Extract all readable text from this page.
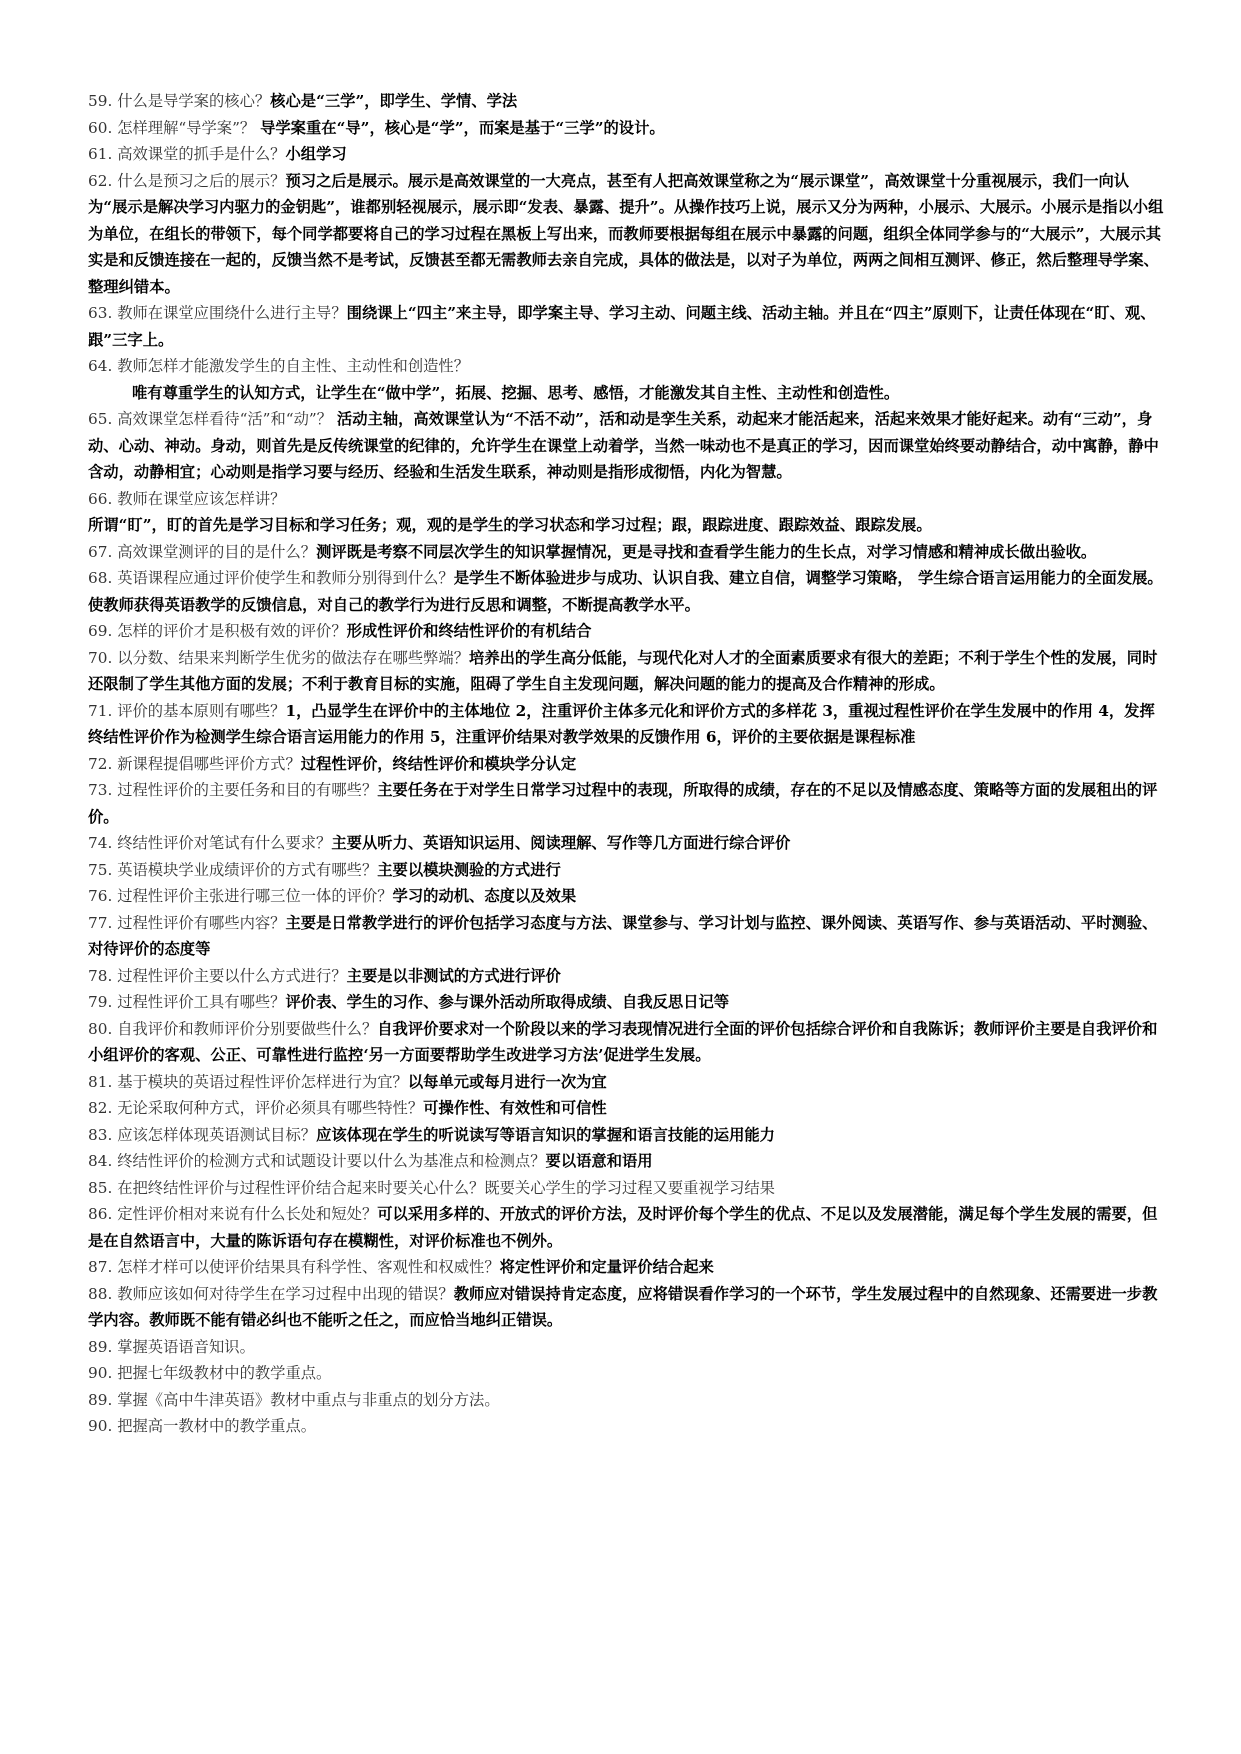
59. 什么是导学案的核心？核心是“三学”，即学生、学情、学法

60. 怎样理解“导学案”？ 导学案重在“导”，核心是“学”，而案是基于“三学”的设计。

61. 高效课堂的抓手是什么？小组学习

62. 什么是预习之后的展示？预习之后是展示。展示是高效课堂的一大亮点，甚至有人把高效课堂称之为“展示课堂”，高效课堂十分重视展示，我们一向认为“展示是解决学习内驱力的金钥匙”，谁都别轻视展示，展示即“发表、暴露、提升”。从操作技巧上说，展示又分为两种，小展示、大展示。小展示是指以小组为单位，在组长的带领下，每个同学都要将自己的学习过程在黑板上写出来，而教师要根据每组在展示中暴露的问题，组织全体同学参与的“大展示”，大展示其实是和反馈连接在一起的，反馈当然不是考试，反馈甚至都无需教师去亲自完成，具体的做法是，以对子为单位，两两之间相互测评、修正，然后整理导学案、整理纠错本。

63. 教师在课堂应围绕什么进行主导？围绕课上“四主”来主导，即学案主导、学习主动、问题主线、活动主轴。并且在“四主”原则下，让责任体现在“盯、观、跟”三字上。

64. 教师怎样才能激发学生的自主性、主动性和创造性？

唯有尊重学生的认知方式，让学生在“做中学”，拓展、挖掘、思考、感悟，才能激发其自主性、主动性和创造性。

65. 高效课堂怎样看待“活”和“动”？ 活动主轴，高效课堂认为“不活不动”，活和动是孪生关系，动起来才能活起来，活起来效果才能好起来。动有“三动”，身动、心动、神动。身动，则首先是反传统课堂的纪律的，允许学生在课堂上动着学，当然一味动也不是真正的学习，因而课堂始终要动静结合，动中寓静，静中含动，动静相宜；心动则是指学习要与经历、经验和生活发生联系，神动则是指形成彻悟，内化为智慧。

66. 教师在课堂应该怎样讲？

所谓“盯”，盯的首先是学习目标和学习任务；观，观的是学生的学习状态和学习过程；跟，跟踪进度、跟踪效益、跟踪发展。

67. 高效课堂测评的目的是什么？测评既是考察不同层次学生的知识掌握情况，更是寻找和查看学生能力的生长点，对学习情感和精神成长做出验收。

68. 英语课程应通过评价使学生和教师分别得到什么？是学生不断体验进步与成功、认识自我、建立自信，调整学习策略， 学生综合语言运用能力的全面发展。使教师获得英语教学的反馈信息，对自己的教学行为进行反思和调整，不断提高教学水平。

69. 怎样的评价才是积极有效的评价？形成性评价和终结性评价的有机结合

70. 以分数、结果来判断学生优劣的做法存在哪些弊端？培养出的学生高分低能，与现代化对人才的全面素质要求有很大的差距；不利于学生个性的发展，同时还限制了学生其他方面的发展；不利于教育目标的实施，阻碍了学生自主发现问题，解决问题的能力的提高及合作精神的形成。

71. 评价的基本原则有哪些？1，凸显学生在评价中的主体地位 2，注重评价主体多元化和评价方式的多样花 3，重视过程性评价在学生发展中的作用 4，发挥终结性评价作为检测学生综合语言运用能力的作用 5，注重评价结果对教学效果的反馈作用 6，评价的主要依据是课程标准

72. 新课程提倡哪些评价方式？过程性评价，终结性评价和模块学分认定

73. 过程性评价的主要任务和目的有哪些？主要任务在于对学生日常学习过程中的表现，所取得的成绩，存在的不足以及情感态度、策略等方面的发展租出的评价。

74. 终结性评价对笔试有什么要求？主要从听力、英语知识运用、阅读理解、写作等几方面进行综合评价

75. 英语模块学业成绩评价的方式有哪些？主要以模块测验的方式进行

76. 过程性评价主张进行哪三位一体的评价？学习的动机、态度以及效果

77. 过程性评价有哪些内容？主要是日常教学进行的评价包括学习态度与方法、课堂参与、学习计划与监控、课外阅读、英语写作、参与英语活动、平时测验、对待评价的态度等

78. 过程性评价主要以什么方式进行？主要是以非测试的方式进行评价

79. 过程性评价工具有哪些？评价表、学生的习作、参与课外活动所取得成绩、自我反思日记等

80. 自我评价和教师评价分别要做些什么？自我评价要求对一个阶段以来的学习表现情况进行全面的评价包括综合评价和自我陈诉；教师评价主要是自我评价和小组评价的客观、公正、可靠性进行监控‘另一方面要帮助学生改进学习方法’促进学生发展。

81. 基于模块的英语过程性评价怎样进行为宜？以每单元或每月进行一次为宜

82. 无论采取何种方式，评价必须具有哪些特性？可操作性、有效性和可信性

83. 应该怎样体现英语测试目标？应该体现在学生的听说读写等语言知识的掌握和语言技能的运用能力

84. 终结性评价的检测方式和试题设计要以什么为基准点和检测点？要以语意和语用

85. 在把终结性评价与过程性评价结合起来时要关心什么？既要关心学生的学习过程又要重视学习结果

86. 定性评价相对来说有什么长处和短处？可以采用多样的、开放式的评价方法，及时评价每个学生的优点、不足以及发展潜能，满足每个学生发展的需要，但是在自然语言中，大量的陈诉语句存在模糊性，对评价标准也不例外。

87. 怎样才样可以使评价结果具有科学性、客观性和权威性？将定性评价和定量评价结合起来

88. 教师应该如何对待学生在学习过程中出现的错误？教师应对错误持肯定态度，应将错误看作学习的一个环节，学生发展过程中的自然现象、还需要进一步教学内容。教师既不能有错必纠也不能听之任之，而应恰当地纠正错误。

89. 掌握英语语音知识。

90. 把握七年级教材中的教学重点。

89. 掌握《高中牛津英语》教材中重点与非重点的划分方法。

90. 把握高一教材中的教学重点。
